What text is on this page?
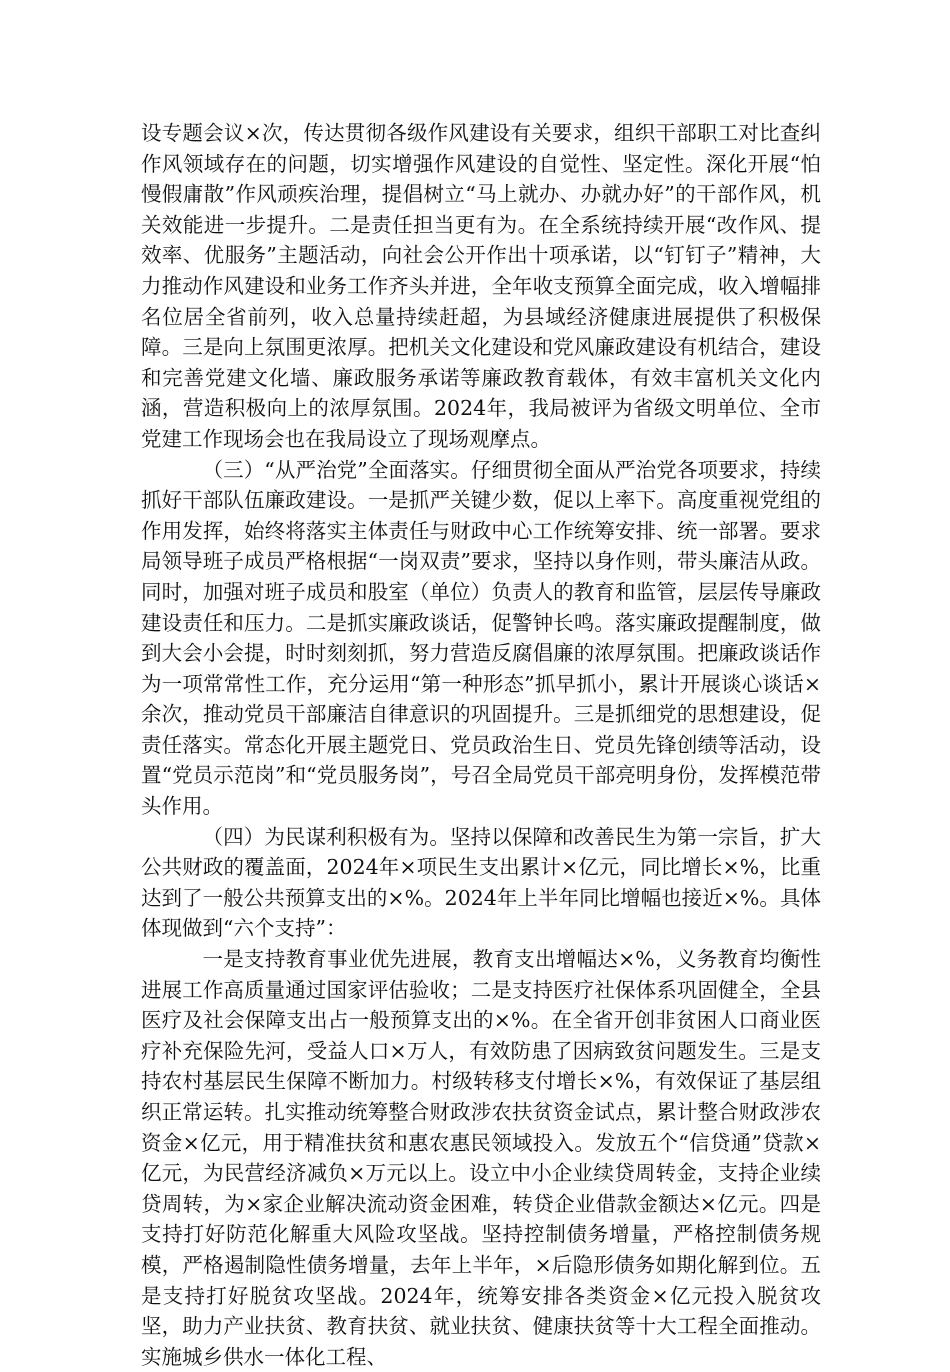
设专题会议×次，传达贯彻各级作风建设有关要求，组织干部职工对比查纠作风领域存在的问题，切实增强作风建设的自觉性、坚定性。深化开展“怕慢假庸散”作风顽疾治理，提倡树立“马上就办、办就办好”的干部作风，机关效能进一步提升。二是责任担当更有为。在全系统持续开展“改作风、提效率、优服务”主题活动，向社会公开作出十项承诺，以“钉钉子”精神，大力推动作风建设和业务工作齐头并进，全年收支预算全面完成，收入增幅排名位居全省前列，收入总量持续赶超，为县域经济健康进展提供了积极保障。三是向上氛围更浓厚。把机关文化建设和党风廉政建设有机结合，建设和完善党建文化墙、廉政服务承诺等廉政教育载体，有效丰富机关文化内涵，营造积极向上的浓厚氛围。2024年，我局被评为省级文明单位、全市党建工作现场会也在我局设立了现场观摩点。

（三）“从严治党”全面落实。仔细贯彻全面从严治党各项要求，持续抓好干部队伍廉政建设。一是抓严关键少数，促以上率下。高度重视党组的作用发挥，始终将落实主体责任与财政中心工作统筹安排、统一部署。要求局领导班子成员严格根据“一岗双责”要求，坚持以身作则，带头廉洁从政。同时，加强对班子成员和股室（单位）负责人的教育和监管，层层传导廉政建设责任和压力。二是抓实廉政谈话，促警钟长鸣。落实廉政提醒制度，做到大会小会提，时时刻刻抓，努力营造反腐倡廉的浓厚氛围。把廉政谈话作为一项常常性工作，充分运用“第一种形态”抓早抓小，累计开展谈心谈话×余次，推动党员干部廉洁自律意识的巩固提升。三是抓细党的思想建设，促责任落实。常态化开展主题党日、党员政治生日、党员先锋创绩等活动，设置“党员示范岗”和“党员服务岗”，号召全局党员干部亮明身份，发挥模范带头作用。

（四）为民谋利积极有为。坚持以保障和改善民生为第一宗旨，扩大公共财政的覆盖面，2024年×项民生支出累计×亿元，同比增长×%，比重达到了一般公共预算支出的×%。2024年上半年同比增幅也接近×%。具体体现做到“六个支持”：

一是支持教育事业优先进展，教育支出增幅达×%，义务教育均衡性进展工作高质量通过国家评估验收；二是支持医疗社保体系巩固健全，全县医疗及社会保障支出占一般预算支出的×%。在全省开创非贫困人口商业医疗补充保险先河，受益人口×万人，有效防患了因病致贫问题发生。三是支持农村基层民生保障不断加力。村级转移支付增长×%，有效保证了基层组织正常运转。扎实推动统筹整合财政涉农扶贫资金试点，累计整合财政涉农资金×亿元，用于精准扶贫和惠农惠民领域投入。发放五个“信贷通”贷款×亿元，为民营经济减负×万元以上。设立中小企业续贷周转金，支持企业续贷周转，为×家企业解决流动资金困难，转贷企业借款金额达×亿元。四是支持打好防范化解重大风险攻坚战。坚持控制债务增量，严格控制债务规模，严格遏制隐性债务增量，去年上半年，×后隐形债务如期化解到位。五是支持打好脱贫攻坚战。2024年，统筹安排各类资金×亿元投入脱贫攻坚，助力产业扶贫、教育扶贫、就业扶贫、健康扶贫等十大工程全面推动。实施城乡供水一体化工程、
